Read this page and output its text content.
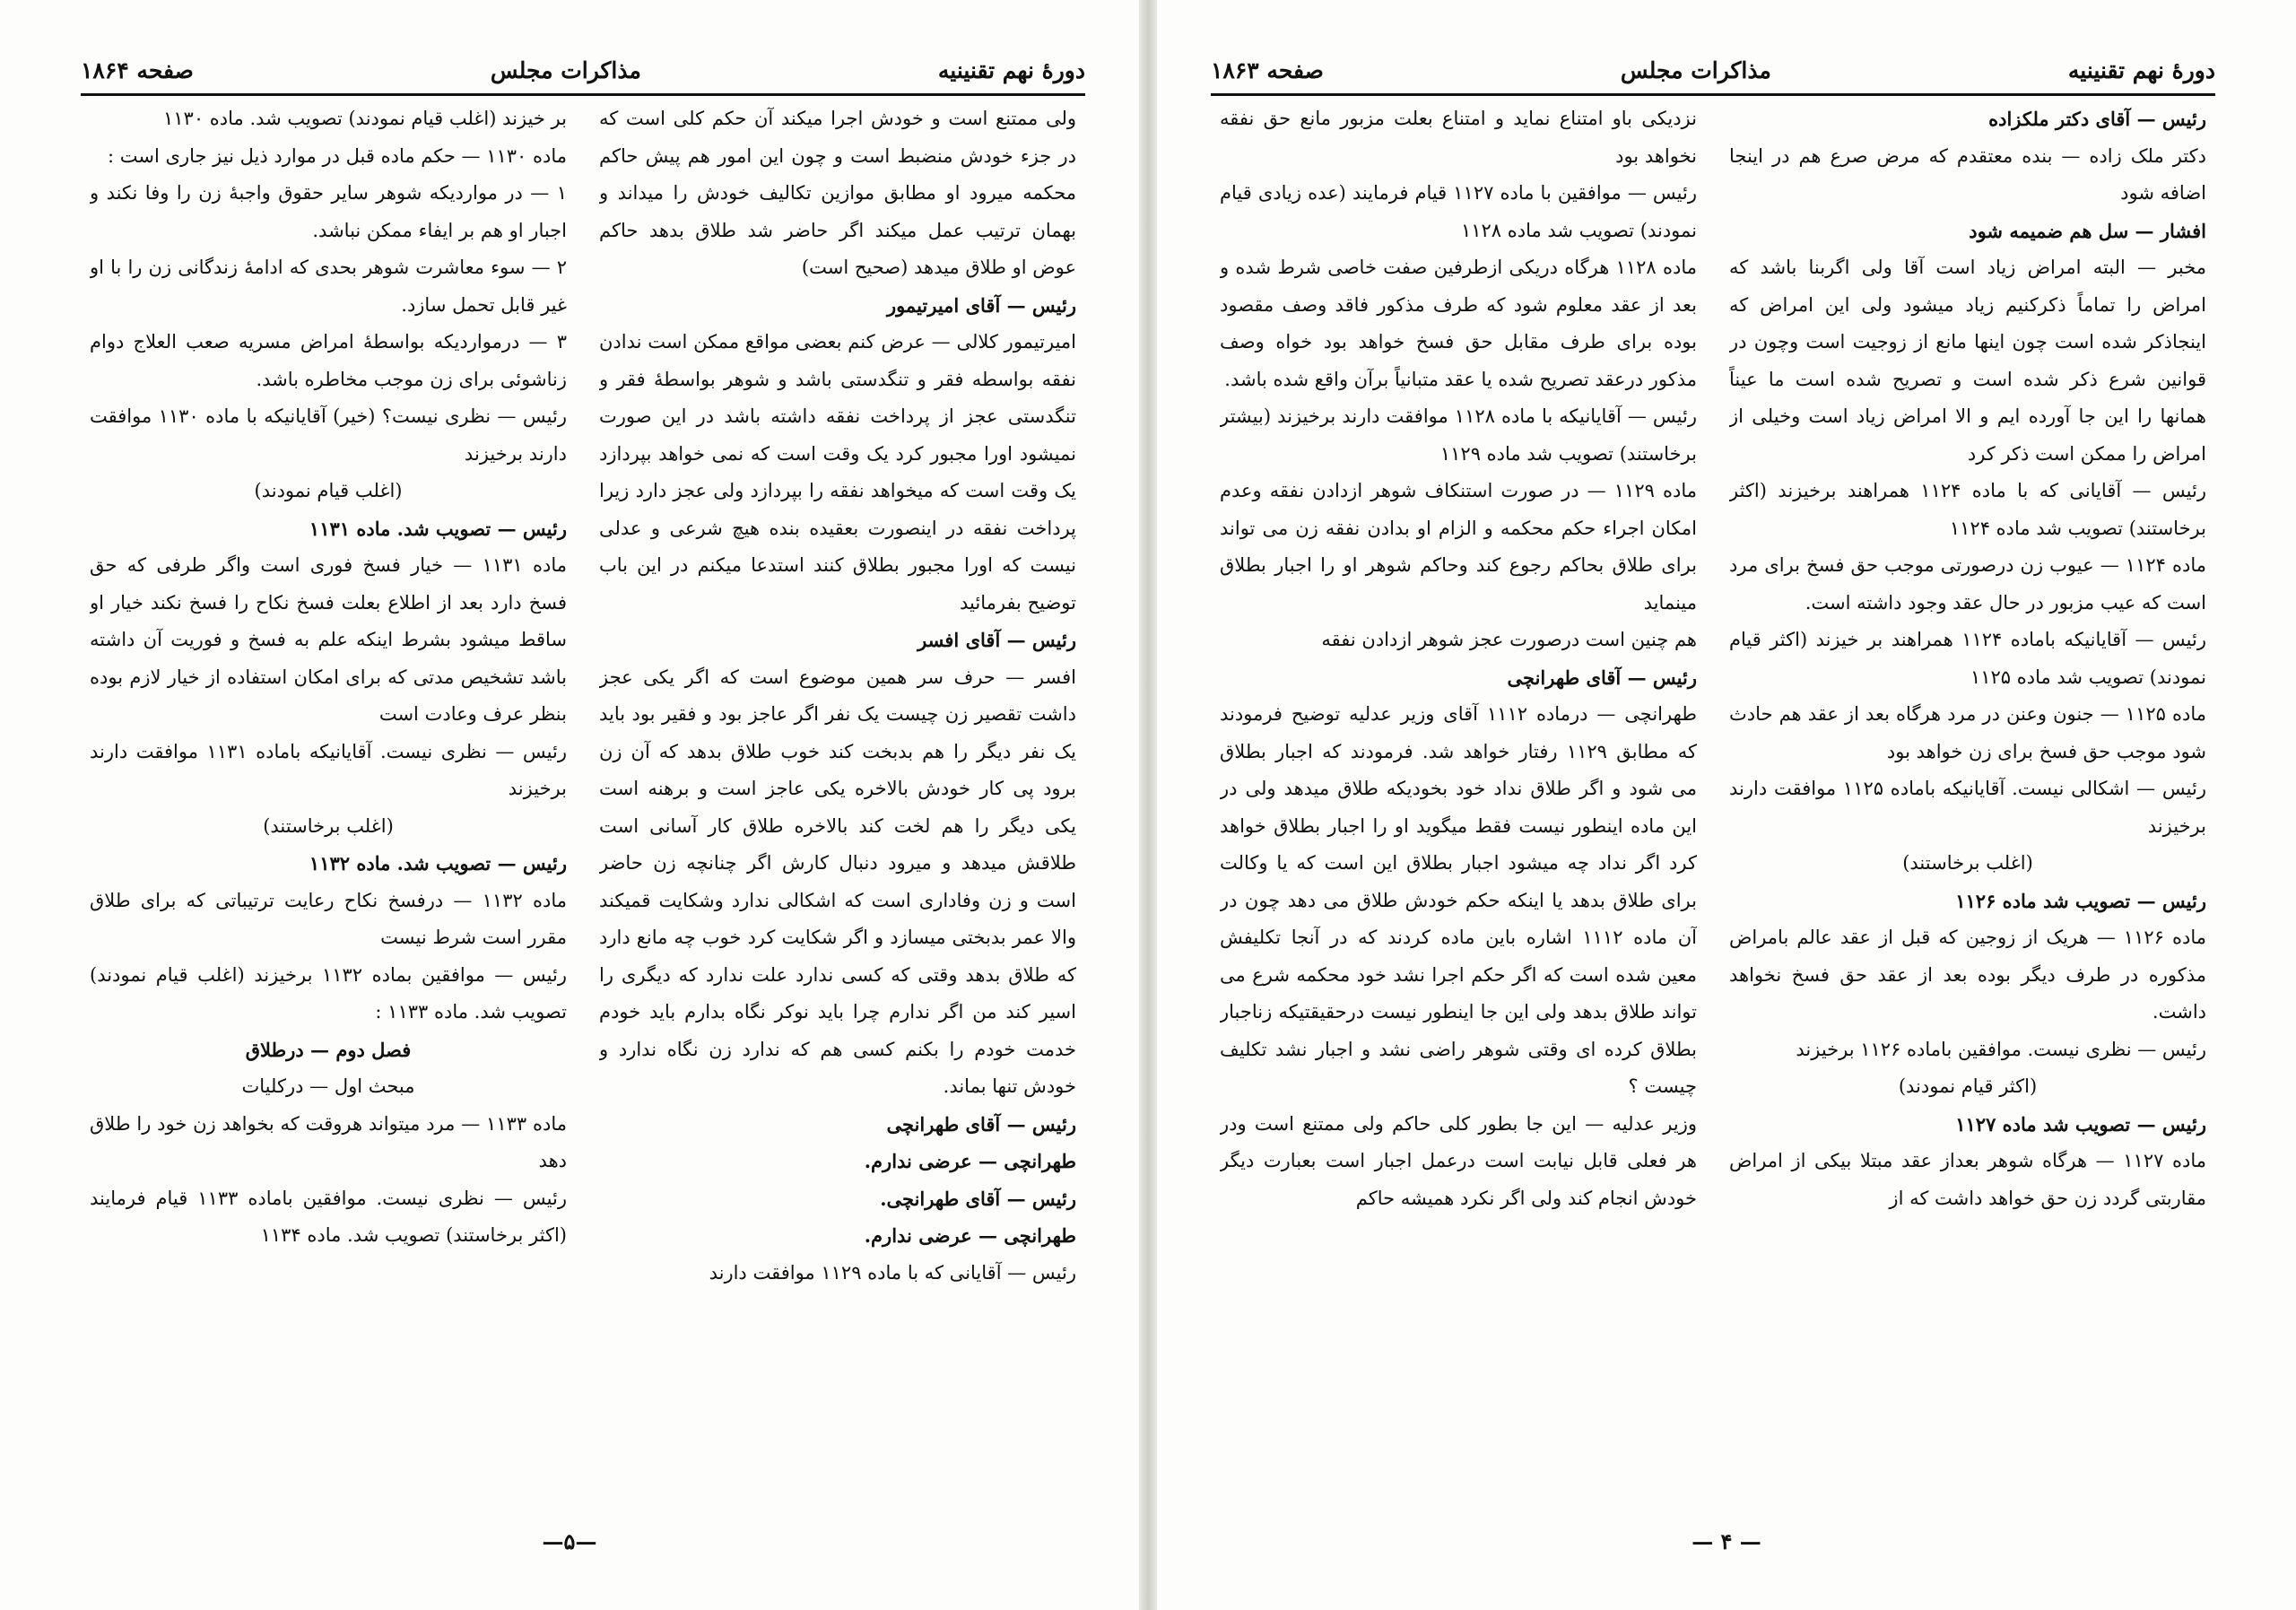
دورهٔ نهم تقنینیه
مذاکرات مجلس
صفحه ۱۸۶۴

ولی ممتنع است و خودش اجرا میکند آن حکم کلی است که در جزء خودش منضبط است و چون این امور هم پیش حاکم محکمه میرود او مطابق موازین تکالیف خودش را میداند و بهمان ترتیب عمل میکند اگر حاضر شد طلاق بدهد حاکم عوض او طلاق میدهد (صحیح است)

رئیس — آقای امیرتیمور

امیرتیمور کلالی — عرض کنم بعضی مواقع ممکن است ندادن نفقه بواسطه فقر و تنگدستی باشد و شوهر بواسطهٔ فقر و تنگدستی عجز از پرداخت نفقه داشته باشد در این صورت نمیشود اورا مجبور کرد یک وقت است که نمی خواهد بپردازد یک وقت است که میخواهد نفقه را بپردازد ولی عجز دارد زیرا پرداخت نفقه در اینصورت بعقیده بنده هیچ شرعی و عدلی نیست که اورا مجبور بطلاق کنند استدعا میکنم در این باب توضیح بفرمائید

رئیس — آقای افسر

افسر — حرف سر همین موضوع است که اگر یکی عجز داشت تقصیر زن چیست یک نفر اگر عاجز بود و فقیر بود باید یک نفر دیگر را هم بدبخت کند خوب طلاق بدهد که آن زن برود پی کار خودش بالاخره یکی عاجز است و برهنه است یکی دیگر را هم لخت کند بالاخره طلاق کار آسانی است طلاقش میدهد و میرود دنبال کارش اگر چنانچه زن حاضر است و زن وفاداری است که اشکالی ندارد وشکایت قمیکند والا عمر بدبختی میسازد و اگر شکایت کرد خوب چه مانع دارد که طلاق بدهد وقتی که کسی ندارد علت ندارد که دیگری را اسیر کند من اگر ندارم چرا باید نوکر نگاه بدارم باید خودم خدمت خودم را بکنم کسی هم که ندارد زن نگاه ندارد و خودش تنها بماند.

رئیس — آقای طهرانچی

طهرانچی — عرضی ندارم.

رئیس — آقای طهرانچی.

طهرانچی — عرضی ندارم.

رئیس — آقایانی که با ماده ۱۱۲۹ موافقت دارند

بر خیزند (اغلب قیام نمودند) تصویب شد. ماده ۱۱۳۰

ماده ۱۱۳۰ — حکم ماده قبل در موارد ذیل نیز جاری است :

۱ — در مواردیکه شوهر سایر حقوق واجبهٔ زن را وفا نکند و اجبار او هم بر ایفاء ممکن نباشد.

۲ — سوء معاشرت شوهر بحدی که ادامهٔ زندگانی زن را با او غیر قابل تحمل سازد.

۳ — درمواردیکه بواسطهٔ امراض مسریه صعب العلاج دوام زناشوئی برای زن موجب مخاطره باشد.

رئیس — نظری نیست؟ (خیر) آقایانیکه با ماده ۱۱۳۰ موافقت دارند برخیزند

(اغلب قیام نمودند)

رئیس — تصویب شد. ماده ۱۱۳۱

ماده ۱۱۳۱ — خیار فسخ فوری است واگر طرفی که حق فسخ دارد بعد از اطلاع بعلت فسخ نکاح را فسخ نکند خیار او ساقط میشود بشرط اینکه علم به فسخ و فوریت آن داشته باشد تشخیص مدتی که برای امکان استفاده از خیار لازم بوده بنظر عرف وعادت است

رئیس — نظری نیست. آقایانیکه باماده ۱۱۳۱ موافقت دارند برخیزند

(اغلب برخاستند)

رئیس — تصویب شد. ماده ۱۱۳۲

ماده ۱۱۳۲ — درفسخ نکاح رعایت ترتیباتی که برای طلاق مقرر است شرط نیست

رئیس — موافقین بماده ۱۱۳۲ برخیزند (اغلب قیام نمودند) تصویب شد. ماده ۱۱۳۳ :

فصل دوم — درطلاق

مبحث اول — درکلیات

ماده ۱۱۳۳ — مرد میتواند هروقت که بخواهد زن خود را طلاق دهد

رئیس — نظری نیست. موافقین باماده ۱۱۳۳ قیام فرمایند (اکثر برخاستند) تصویب شد. ماده ۱۱۳۴

—۵—
دورهٔ نهم تقنینیه
مذاکرات مجلس
صفحه ۱۸۶۳

رئیس — آقای دکتر ملکزاده

دکتر ملک زاده — بنده معتقدم که مرض صرع هم در اینجا اضافه شود

افشار — سل هم ضمیمه شود

مخبر — البته امراض زیاد است آقا ولی اگربنا باشد که امراض را تماماً ذکرکنیم زیاد میشود ولی این امراض که اینجاذکر شده است چون اینها مانع از زوجیت است وچون در قوانین شرع ذکر شده است و تصریح شده است ما عیناً همانها را این جا آورده ایم و الا امراض زیاد است وخیلی از امراض را ممکن است ذکر کرد

رئیس — آقایانی که با ماده ۱۱۲۴ همراهند برخیزند (اکثر برخاستند) تصویب شد ماده ۱۱۲۴

ماده ۱۱۲۴ — عیوب زن درصورتی موجب حق فسخ برای مرد است که عیب مزبور در حال عقد وجود داشته است.

رئیس — آقایانیکه باماده ۱۱۲۴ همراهند بر خیزند (اکثر قیام نمودند) تصویب شد ماده ۱۱۲۵

ماده ۱۱۲۵ — جنون وعنن در مرد هرگاه بعد از عقد هم حادث شود موجب حق فسخ برای زن خواهد بود

رئیس — اشکالی نیست. آقایانیکه باماده ۱۱۲۵ موافقت دارند برخیزند

(اغلب برخاستند)

رئیس — تصویب شد ماده ۱۱۲۶

ماده ۱۱۲۶ — هریک از زوجین که قبل از عقد عالم بامراض مذکوره در طرف دیگر بوده بعد از عقد حق فسخ نخواهد داشت.

رئیس — نظری نیست. موافقین باماده ۱۱۲۶ برخیزند

(اکثر قیام نمودند)

رئیس — تصویب شد ماده ۱۱۲۷

ماده ۱۱۲۷ — هرگاه شوهر بعداز عقد مبتلا بیکی از امراض مقاربتی گردد زن حق خواهد داشت که از

نزدیکی باو امتناع نماید و امتناع بعلت مزبور مانع حق نفقه نخواهد بود

رئیس — موافقین با ماده ۱۱۲۷ قیام فرمایند (عده زیادی قیام نمودند) تصویب شد ماده ۱۱۲۸

ماده ۱۱۲۸ هرگاه دریکی ازطرفین صفت خاصی شرط شده و بعد از عقد معلوم شود که طرف مذکور فاقد وصف مقصود بوده برای طرف مقابل حق فسخ خواهد بود خواه وصف مذکور درعقد تصریح شده یا عقد متبانیاً برآن واقع شده باشد.

رئیس — آقایانیکه با ماده ۱۱۲۸ موافقت دارند برخیزند (بیشتر برخاستند) تصویب شد ماده ۱۱۲۹

ماده ۱۱۲۹ — در صورت استنکاف شوهر ازدادن نفقه وعدم امکان اجراء حکم محکمه و الزام او بدادن نفقه زن می تواند برای طلاق بحاکم رجوع کند وحاکم شوهر او را اجبار بطلاق مینماید

هم چنین است درصورت عجز شوهر ازدادن نفقه

رئیس — آقای طهرانچی

طهرانچی — درماده ۱۱۱۲ آقای وزیر عدلیه توضیح فرمودند که مطابق ۱۱۲۹ رفتار خواهد شد. فرمودند که اجبار بطلاق می شود و اگر طلاق نداد خود بخودیکه طلاق میدهد ولی در این ماده اینطور نیست فقط میگوید او را اجبار بطلاق خواهد کرد اگر نداد چه میشود اجبار بطلاق این است که یا وکالت برای طلاق بدهد یا اینکه حکم خودش طلاق می دهد چون در آن ماده ۱۱۱۲ اشاره باین ماده کردند که در آنجا تکلیفش معین شده است که اگر حکم اجرا نشد خود محکمه شرع می تواند طلاق بدهد ولی این جا اینطور نیست درحقیقتیکه زناجبار بطلاق کرده ای وقتی شوهر راضی نشد و اجبار نشد تکلیف چیست ؟

وزیر عدلیه — این جا بطور کلی حاکم ولی ممتنع است ودر هر فعلی قابل نیابت است درعمل اجبار است بعبارت دیگر خودش انجام کند ولی اگر نکرد همیشه حاکم

— ۴ —
